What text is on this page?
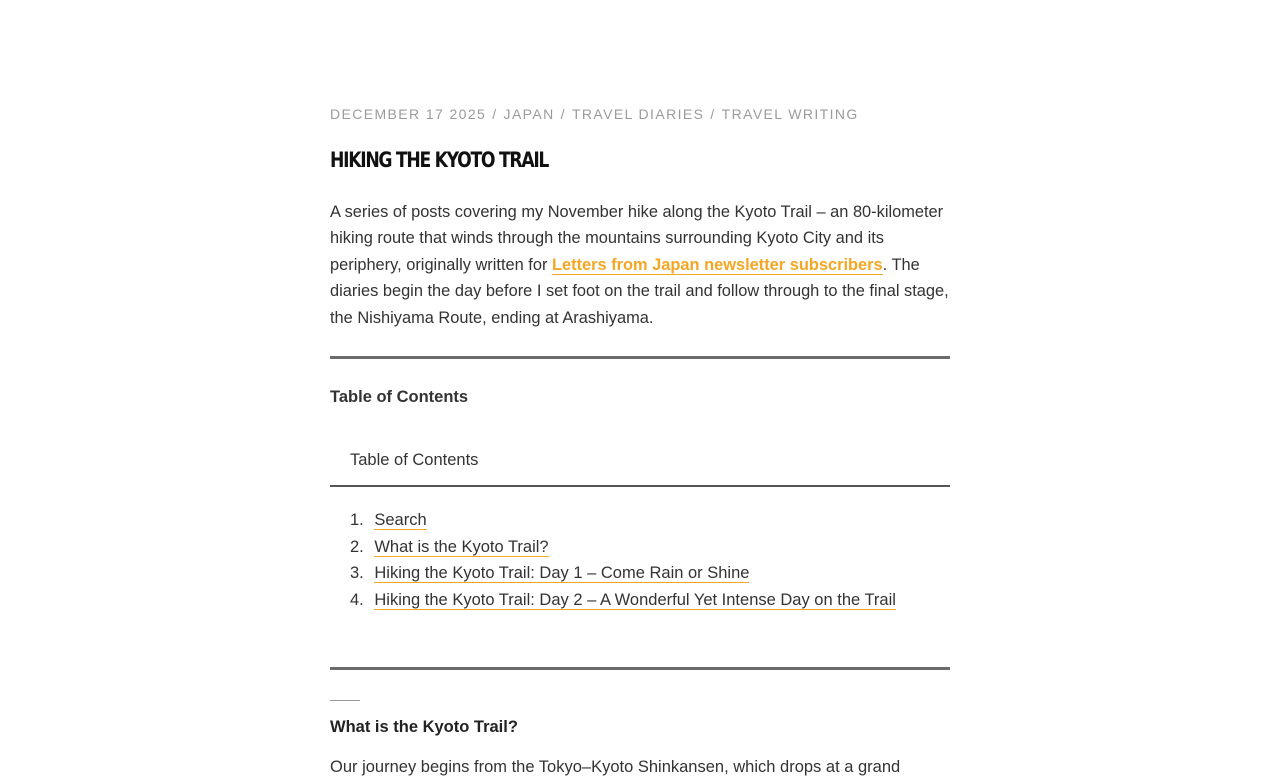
DECEMBER 17 2025 / JAPAN / TRAVEL DIARIES / TRAVEL WRITING
HIKING THE KYOTO TRAIL

A series of posts covering my November hike along the Kyoto Trail – an 80-kilometer hiking route that winds through the mountains surrounding Kyoto City and its periphery, originally written for Letters from Japan newsletter subscribers. The diaries begin the day before I set foot on the trail and follow through to the final stage, the Nishiyama Route, ending at Arashiyama.

Table of Contents
Table of Contents
1. Search
2. What is the Kyoto Trail?
3. Hiking the Kyoto Trail: Day 1 – Come Rain or Shine
4. Hiking the Kyoto Trail: Day 2 – A Wonderful Yet Intense Day on the Trail
What is the Kyoto Trail?

Our journey begins from the Tokyo–Kyoto Shinkansen, which drops at a grand
